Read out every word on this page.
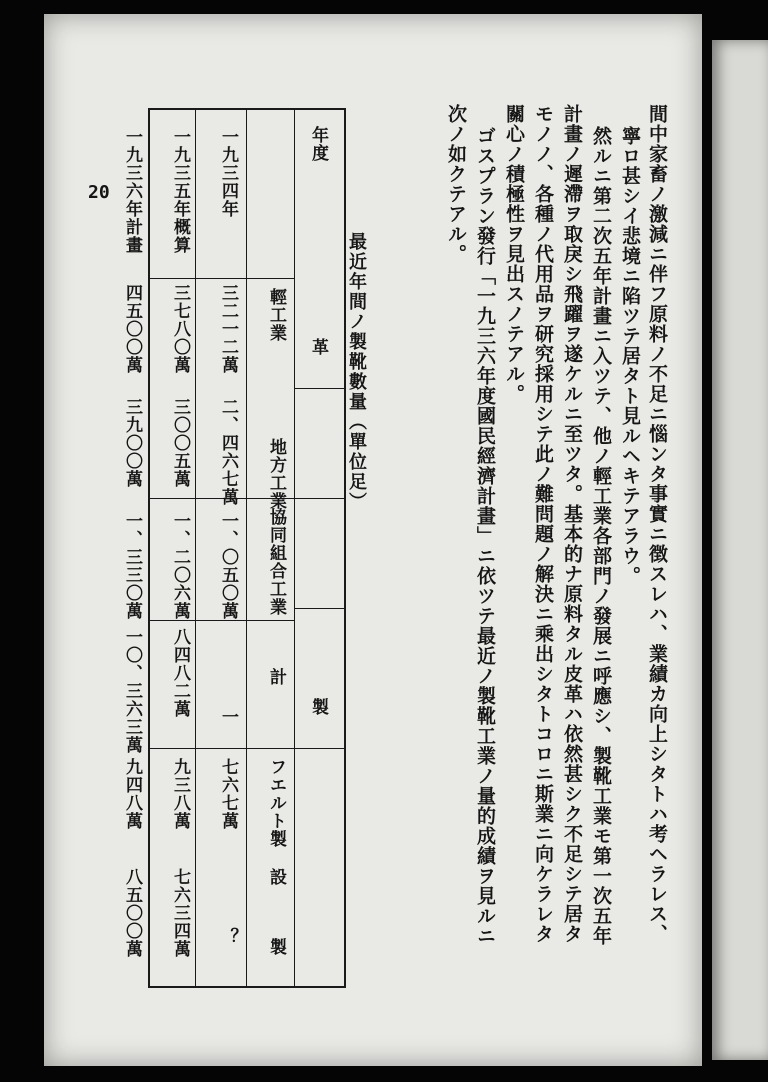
20	間中家畜ノ激減ニ伴フ原料ノ不足ニ惱ンタ事實ニ徴スレハ、業績カ向上シタトハ考ヘラレス、
寧ロ甚シイ悲境ニ陷ツテ居タト見ルヘキテアラウ。
然ルニ第二次五年計畫ニ入ツテ、他ノ輕工業各部門ノ發展ニ呼應シ、製靴工業モ第一次五年
計畫ノ遲滯ヲ取戾シ飛躍ヲ遂ケルニ至ツタ。基本的ナ原料タル皮革ハ依然甚シク不足シテ居タ
モノノ、各種ノ代用品ヲ研究採用シテ此ノ難問題ノ解決ニ乘出シタトコロニ斯業ニ向ケラレタ
關心ノ積極性ヲ見出スノテアル。
ゴスプラン發行「一九三六年度國民經濟計畫」ニ依ツテ最近ノ製靴工業ノ量的成績ヲ見ルニ
次ノ如クテアル。
最近年間ノ製靴數量（單位足）
年度
革
製
輕工業
地方工業
協同組合工業
計
フエルト製
設
製
一九三四年
三二一二萬
二、四六七萬
一、〇五〇萬
一
七六七萬
？
一九三五年概算
三七八〇萬
三〇〇五萬
一、二〇六萬
八四八二萬
九三八萬
七六三四萬
一九三六年計畫
四五〇〇萬
三九〇〇萬
一、三三〇萬
一〇、三六三萬
九四八萬
八五〇〇萬
